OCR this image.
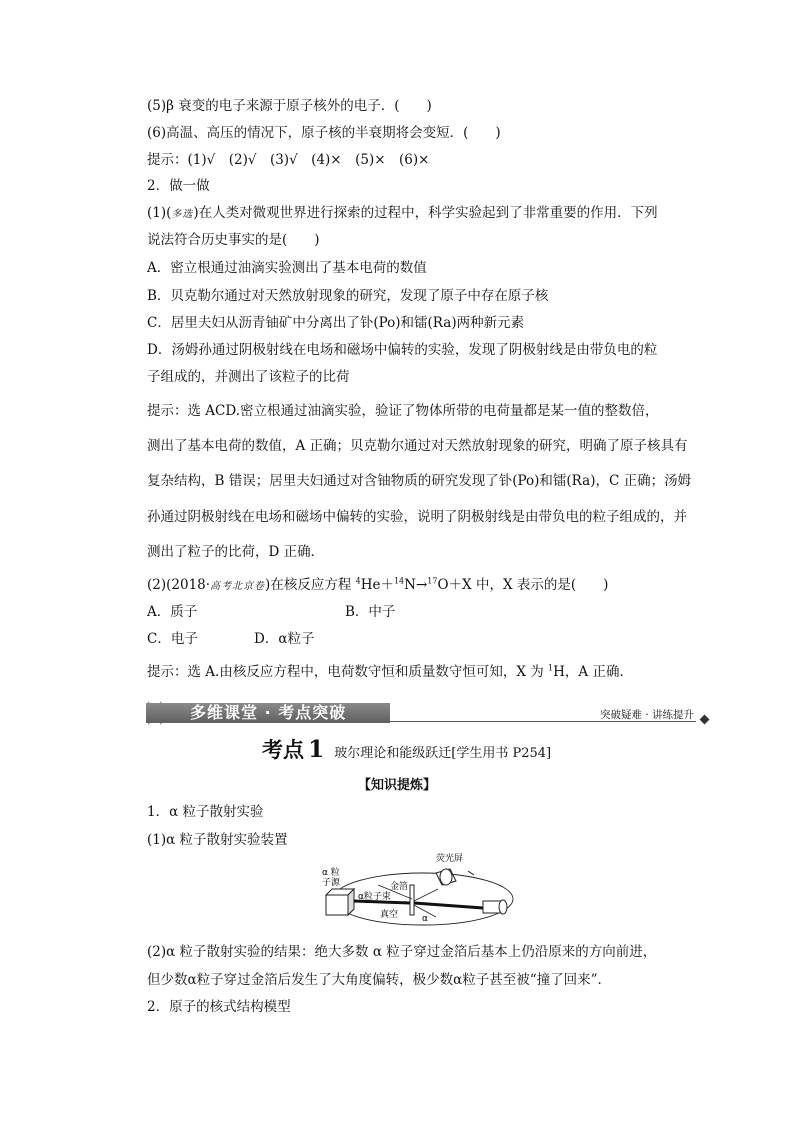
(5)β 衰变的电子来源于原子核外的电子．(　　)
(6)高温、高压的情况下，原子核的半衰期将会变短．(　　)
提示：(1)√　(2)√　(3)√　(4)×　(5)×　(6)×
2．做一做
(1)(多选)在人类对微观世界进行探索的过程中，科学实验起到了非常重要的作用．下列
说法符合历史事实的是(　　)
A．密立根通过油滴实验测出了基本电荷的数值
B．贝克勒尔通过对天然放射现象的研究，发现了原子中存在原子核
C．居里夫妇从沥青铀矿中分离出了钋(Po)和镭(Ra)两种新元素
D．汤姆孙通过阴极射线在电场和磁场中偏转的实验，发现了阴极射线是由带负电的粒
子组成的，并测出了该粒子的比荷
提示：选 ACD.密立根通过油滴实验，验证了物体所带的电荷量都是某一值的整数倍，
测出了基本电荷的数值，A 正确；贝克勒尔通过对天然放射现象的研究，明确了原子核具有
复杂结构，B 错误；居里夫妇通过对含铀物质的研究发现了钋(Po)和镭(Ra)，C 正确；汤姆
孙通过阴极射线在电场和磁场中偏转的实验，说明了阴极射线是由带负电的粒子组成的，并
测出了粒子的比荷，D 正确．
(2)(2018·高考北京卷)在核反应方程 $^4$He＋$^{14}$N→$^{17}$O＋X 中，X 表示的是(　　)
A．质子	B．中子
C．电子	D．α粒子
提示：选 A.由核反应方程中，电荷数守恒和质量数守恒可知，X 为 $^1$H，A 正确．
多维课堂 · 考点突破	突破疑难 · 讲练提升
考点 1 玻尔理论和能级跃迁[学生用书 P254]
【知识提炼】
1．α 粒子散射实验
(1)α 粒子散射实验装置
荧光屏
α 粒
子源	金箔
α粒子束
真空	α
(2)α 粒子散射实验的结果：绝大多数 α 粒子穿过金箔后基本上仍沿原来的方向前进，
但少数α粒子穿过金箔后发生了大角度偏转，极少数α粒子甚至被“撞了回来”．
2．原子的核式结构模型
